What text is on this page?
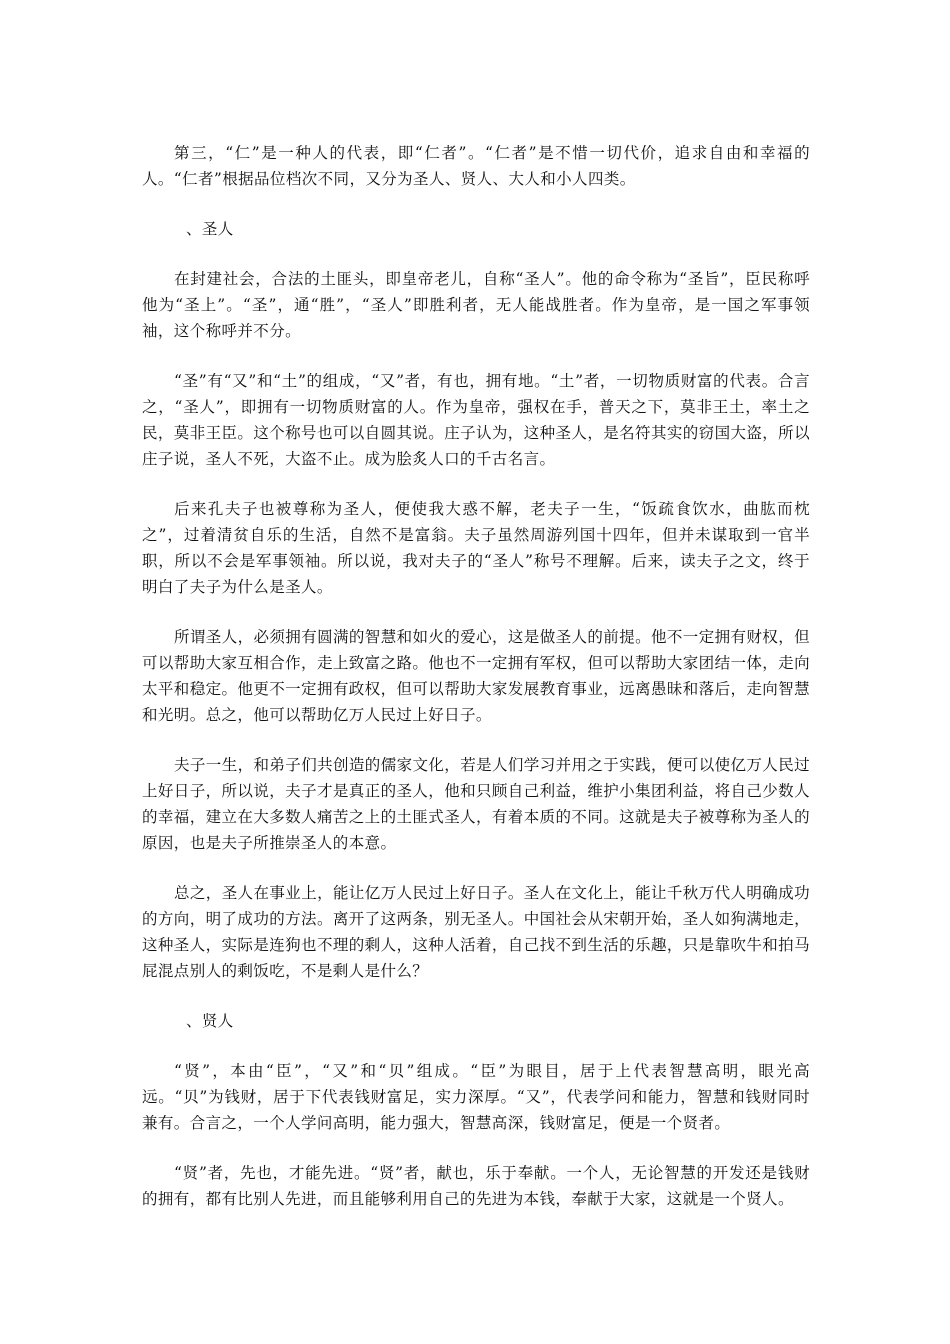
第三，“仁”是一种人的代表，即“仁者”。“仁者”是不惜一切代价，追求自由和幸福的人。“仁者”根据品位档次不同，又分为圣人、贤人、大人和小人四类。

、圣人

在封建社会，合法的土匪头，即皇帝老儿，自称“圣人”。他的命令称为“圣旨”，臣民称呼他为“圣上”。“圣”，通“胜”，“圣人”即胜利者，无人能战胜者。作为皇帝，是一国之军事领袖，这个称呼并不分。

“圣”有“又”和“土”的组成，“又”者，有也，拥有地。“土”者，一切物质财富的代表。合言之，“圣人”，即拥有一切物质财富的人。作为皇帝，强权在手，普天之下，莫非王土，率土之民，莫非王臣。这个称号也可以自圆其说。庄子认为，这种圣人，是名符其实的窃国大盗，所以庄子说，圣人不死，大盗不止。成为脍炙人口的千古名言。

后来孔夫子也被尊称为圣人，便使我大惑不解，老夫子一生，“饭疏食饮水，曲肱而枕之”，过着清贫自乐的生活，自然不是富翁。夫子虽然周游列国十四年，但并未谋取到一官半职，所以不会是军事领袖。所以说，我对夫子的“圣人”称号不理解。后来，读夫子之文，终于明白了夫子为什么是圣人。

所谓圣人，必须拥有圆满的智慧和如火的爱心，这是做圣人的前提。他不一定拥有财权，但可以帮助大家互相合作，走上致富之路。他也不一定拥有军权，但可以帮助大家团结一体，走向太平和稳定。他更不一定拥有政权，但可以帮助大家发展教育事业，远离愚昧和落后，走向智慧和光明。总之，他可以帮助亿万人民过上好日子。

夫子一生，和弟子们共创造的儒家文化，若是人们学习并用之于实践，便可以使亿万人民过上好日子，所以说，夫子才是真正的圣人，他和只顾自己利益，维护小集团利益，将自己少数人的幸福，建立在大多数人痛苦之上的土匪式圣人，有着本质的不同。这就是夫子被尊称为圣人的原因，也是夫子所推崇圣人的本意。

总之，圣人在事业上，能让亿万人民过上好日子。圣人在文化上，能让千秋万代人明确成功的方向，明了成功的方法。离开了这两条，别无圣人。中国社会从宋朝开始，圣人如狗满地走，这种圣人，实际是连狗也不理的剩人，这种人活着，自己找不到生活的乐趣，只是靠吹牛和拍马屁混点别人的剩饭吃，不是剩人是什么？

、贤人

“贤”，本由“臣”，“又”和“贝”组成。“臣”为眼目，居于上代表智慧高明，眼光高远。“贝”为钱财，居于下代表钱财富足，实力深厚。“又”，代表学问和能力，智慧和钱财同时兼有。合言之，一个人学问高明，能力强大，智慧高深，钱财富足，便是一个贤者。

“贤”者，先也，才能先进。“贤”者，献也，乐于奉献。一个人，无论智慧的开发还是钱财的拥有，都有比别人先进，而且能够利用自己的先进为本钱，奉献于大家，这就是一个贤人。
